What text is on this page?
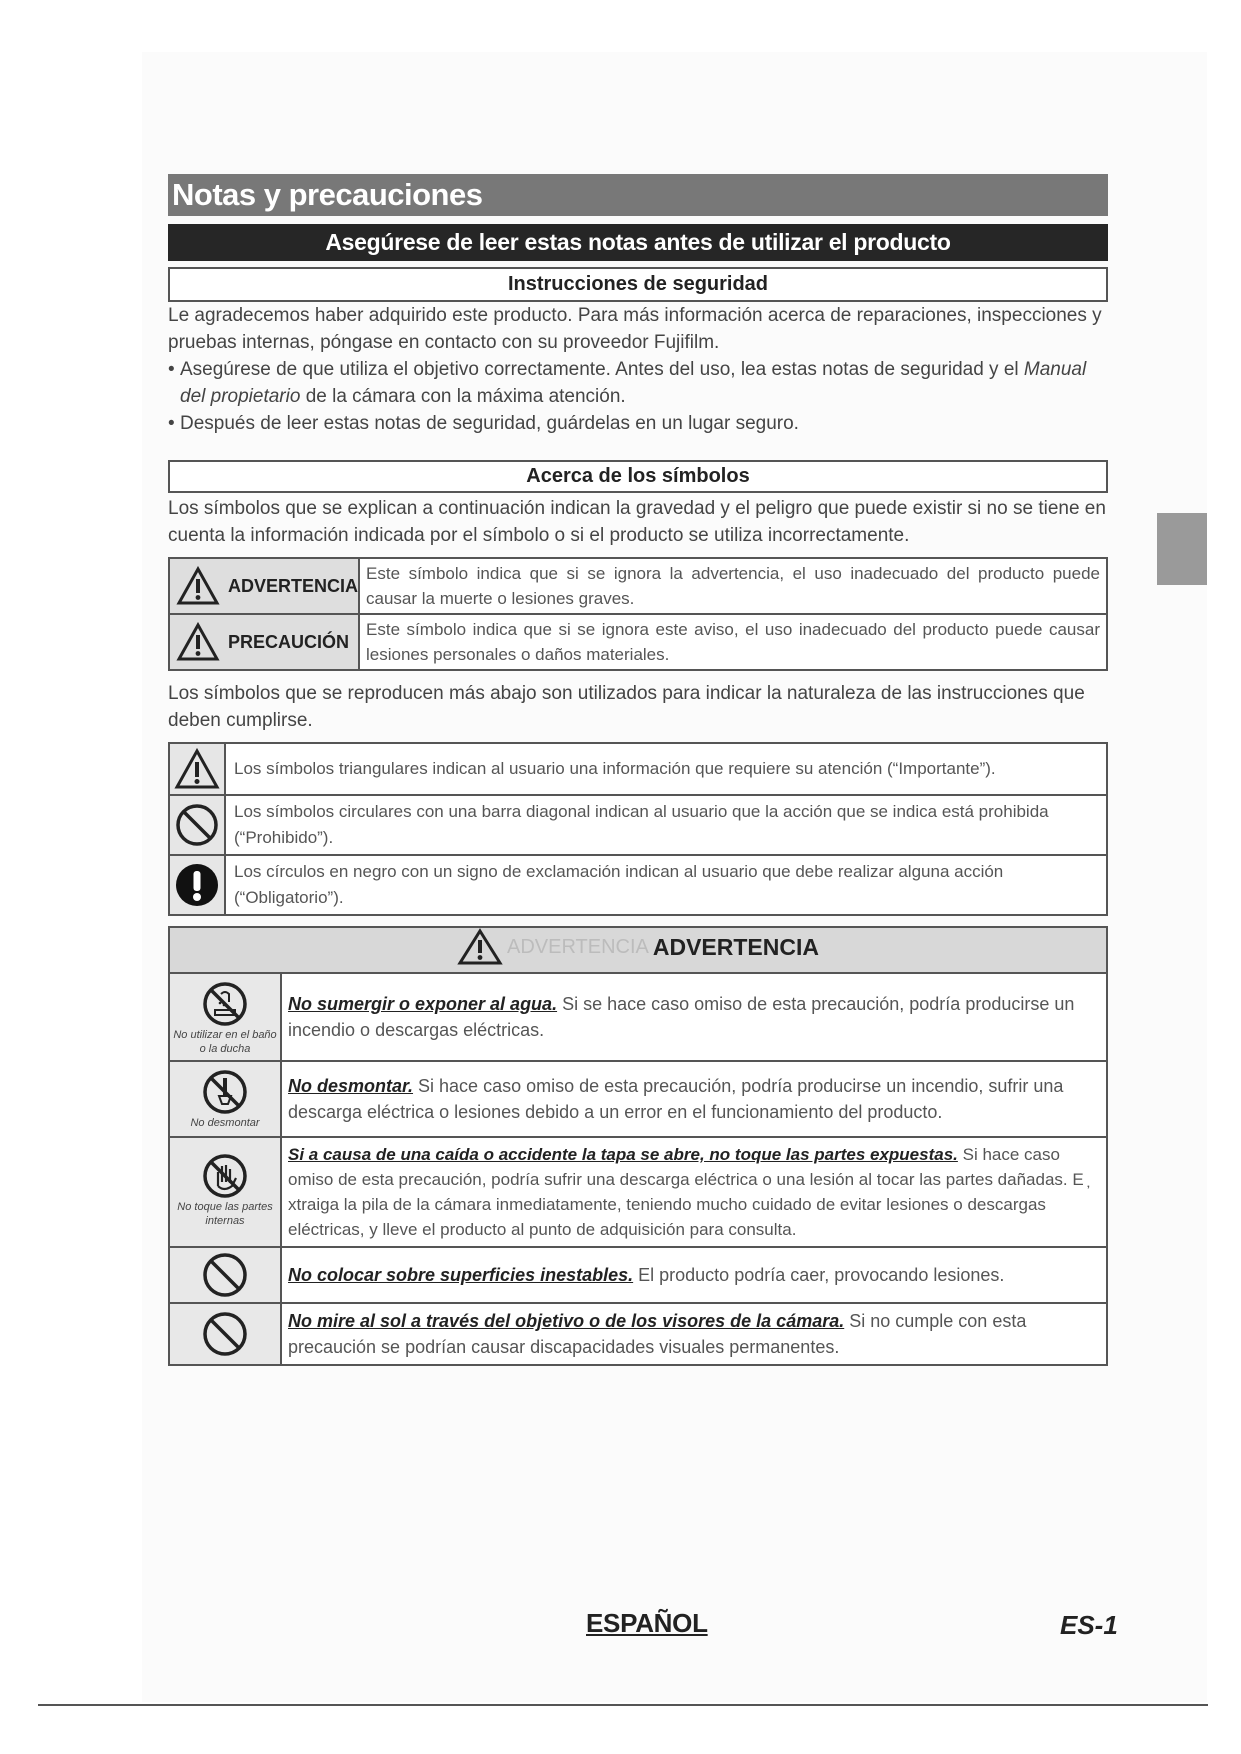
Notas y precauciones
Asegúrese de leer estas notas antes de utilizar el producto
Instrucciones de seguridad

Le agradecemos haber adquirido este producto. Para más información acerca de reparaciones, inspecciones y pruebas internas, póngase en contacto con su proveedor Fujifilm.

• Asegúrese de que utiliza el objetivo correctamente. Antes del uso, lea estas notas de seguridad y el Manual del propietario de la cámara con la máxima atención.

• Después de leer estas notas de seguridad, guárdelas en un lugar seguro.

Acerca de los símbolos
Los símbolos que se explican a continuación indican la gravedad y el peligro que puede existir si no se tiene en cuenta la información indicada por el símbolo o si el producto se utiliza incorrectamente.
ADVERTENCIA	Este símbolo indica que si se ignora la advertencia, el uso inadecuado del producto puede causar la muerte o lesiones graves.

PRECAUCIÓN	Este símbolo indica que si se ignora este aviso, el uso inadecuado del producto puede causar lesiones personales o daños materiales.
Los símbolos que se reproducen más abajo son utilizados para indicar la naturaleza de las instrucciones que deben cumplirse.
	Los símbolos triangulares indican al usuario una información que requiere su atención (“Importante”).

	Los símbolos circulares con una barra diagonal indican al usuario que la acción que se indica está prohibida (“Prohibido”).

	Los círculos en negro con un signo de exclamación indican al usuario que debe realizar alguna acción (“Obligatorio”).
ADVERTENCIA ADVERTENCIA	

No utilizar en el baño o la ducha	No sumergir o exponer al agua. Si se hace caso omiso de esta precaución, podría producirse un incendio o descargas eléctricas.

No desmontar	No desmontar. Si hace caso omiso de esta precaución, podría producirse un incendio, sufrir una descarga eléctrica o lesiones debido a un error en el funcionamiento del producto.

No toque las partes internas	Si a causa de una caída o accidente la tapa se abre, no toque las partes expuestas. Si hace caso omiso de esta precaución, podría sufrir una descarga eléctrica o una lesión al tocar las partes dañadas. E ̦ xtraiga la pila de la cámara inmediatamente, teniendo mucho cuidado de evitar lesiones o descargas eléctricas, y lleve el producto al punto de adquisición para consulta.

	No colocar sobre superficies inestables. El producto podría caer, provocando lesiones.

	No mire al sol a través del objetivo o de los visores de la cámara. Si no cumple con esta precaución se podrían causar discapacidades visuales permanentes.
ESPAÑOL	ES-1
